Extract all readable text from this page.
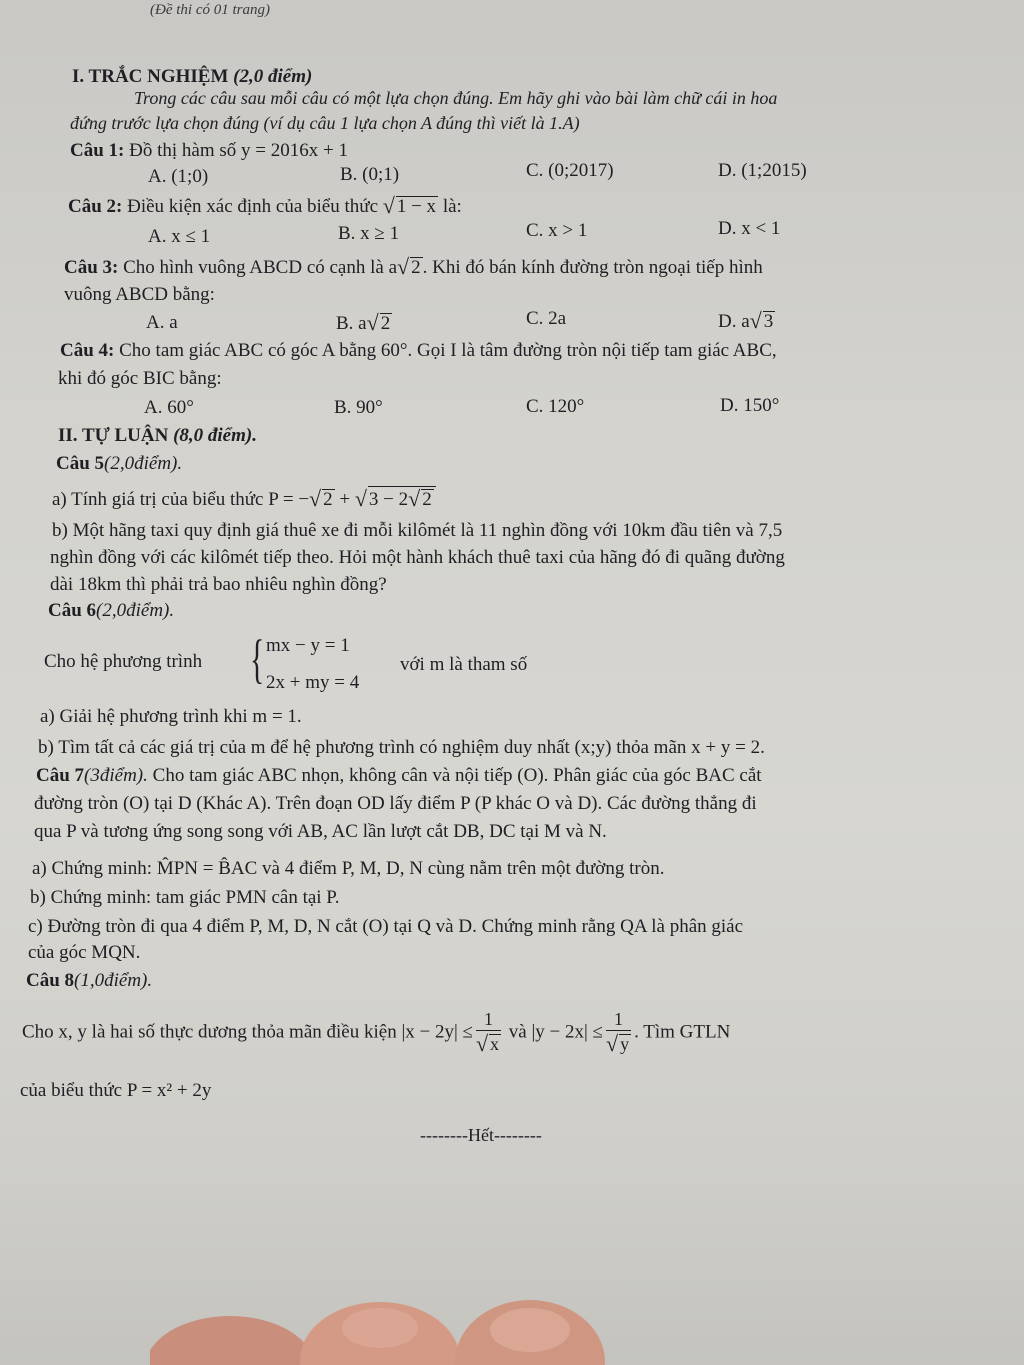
(Đề thi có 01 trang)
I. TRẮC NGHIỆM (2,0 điểm)
Trong các câu sau mỗi câu có một lựa chọn đúng. Em hãy ghi vào bài làm chữ cái in hoa
đứng trước lựa chọn đúng (ví dụ câu 1 lựa chọn A đúng thì viết là 1.A)
Câu 1: Đồ thị hàm số y = 2016x + 1
A. (1;0)	B. (0;1)	C. (0;2017)	D. (1;2015)
Câu 2: Điều kiện xác định của biểu thức √ 1 − x là:
A. x ≤ 1	B. x ≥ 1	C. x > 1	D. x < 1
Câu 3: Cho hình vuông ABCD có cạnh là a√ 2 . Khi đó bán kính đường tròn ngoại tiếp hình
vuông ABCD bằng:
A. a	B. a√ 2	C. 2a	D. a√ 3
Câu 4: Cho tam giác ABC có góc A bằng 60°. Gọi I là tâm đường tròn nội tiếp tam giác ABC,
khi đó góc BIC bằng:
A. 60°	B. 90°	C. 120°	D. 150°
II. TỰ LUẬN (8,0 điểm).
Câu 5(2,0điểm).
a) Tính giá trị của biểu thức P = −√ 2 + √ 3 − 2√ 2
b) Một hãng taxi quy định giá thuê xe đi mỗi kilômét là 11 nghìn đồng với 10km đầu tiên và 7,5
nghìn đồng với các kilômét tiếp theo. Hỏi một hành khách thuê taxi của hãng đó đi quãng đường
dài 18km thì phải trả bao nhiêu nghìn đồng?
Câu 6(2,0điểm).
Cho hệ phương trình { mx − y = 1
2x + my = 4
với m là tham số
a) Giải hệ phương trình khi m = 1.
b) Tìm tất cả các giá trị của m để hệ phương trình có nghiệm duy nhất (x;y) thỏa mãn x + y = 2.
Câu 7(3điểm). Cho tam giác ABC nhọn, không cân và nội tiếp (O). Phân giác của góc BAC cắt
đường tròn (O) tại D (Khác A). Trên đoạn OD lấy điểm P (P khác O và D). Các đường thẳng đi
qua P và tương ứng song song với AB, AC lần lượt cắt DB, DC tại M và N.
a) Chứng minh: M̂PN = B̂AC và 4 điểm P, M, D, N cùng nằm trên một đường tròn.
b) Chứng minh: tam giác PMN cân tại P.
c) Đường tròn đi qua 4 điểm P, M, D, N cắt (O) tại Q và D. Chứng minh rằng QA là phân giác
của góc MQN.
Câu 8(1,0điểm).
Cho x, y là hai số thực dương thỏa mãn điều kiện $|x - 2y| \le \frac{1}{√ x}$ và $|y - 2x| \le \frac{1}{√ y}$ . Tìm GTLN
của biểu thức P = x² + 2y
--------Hết--------
